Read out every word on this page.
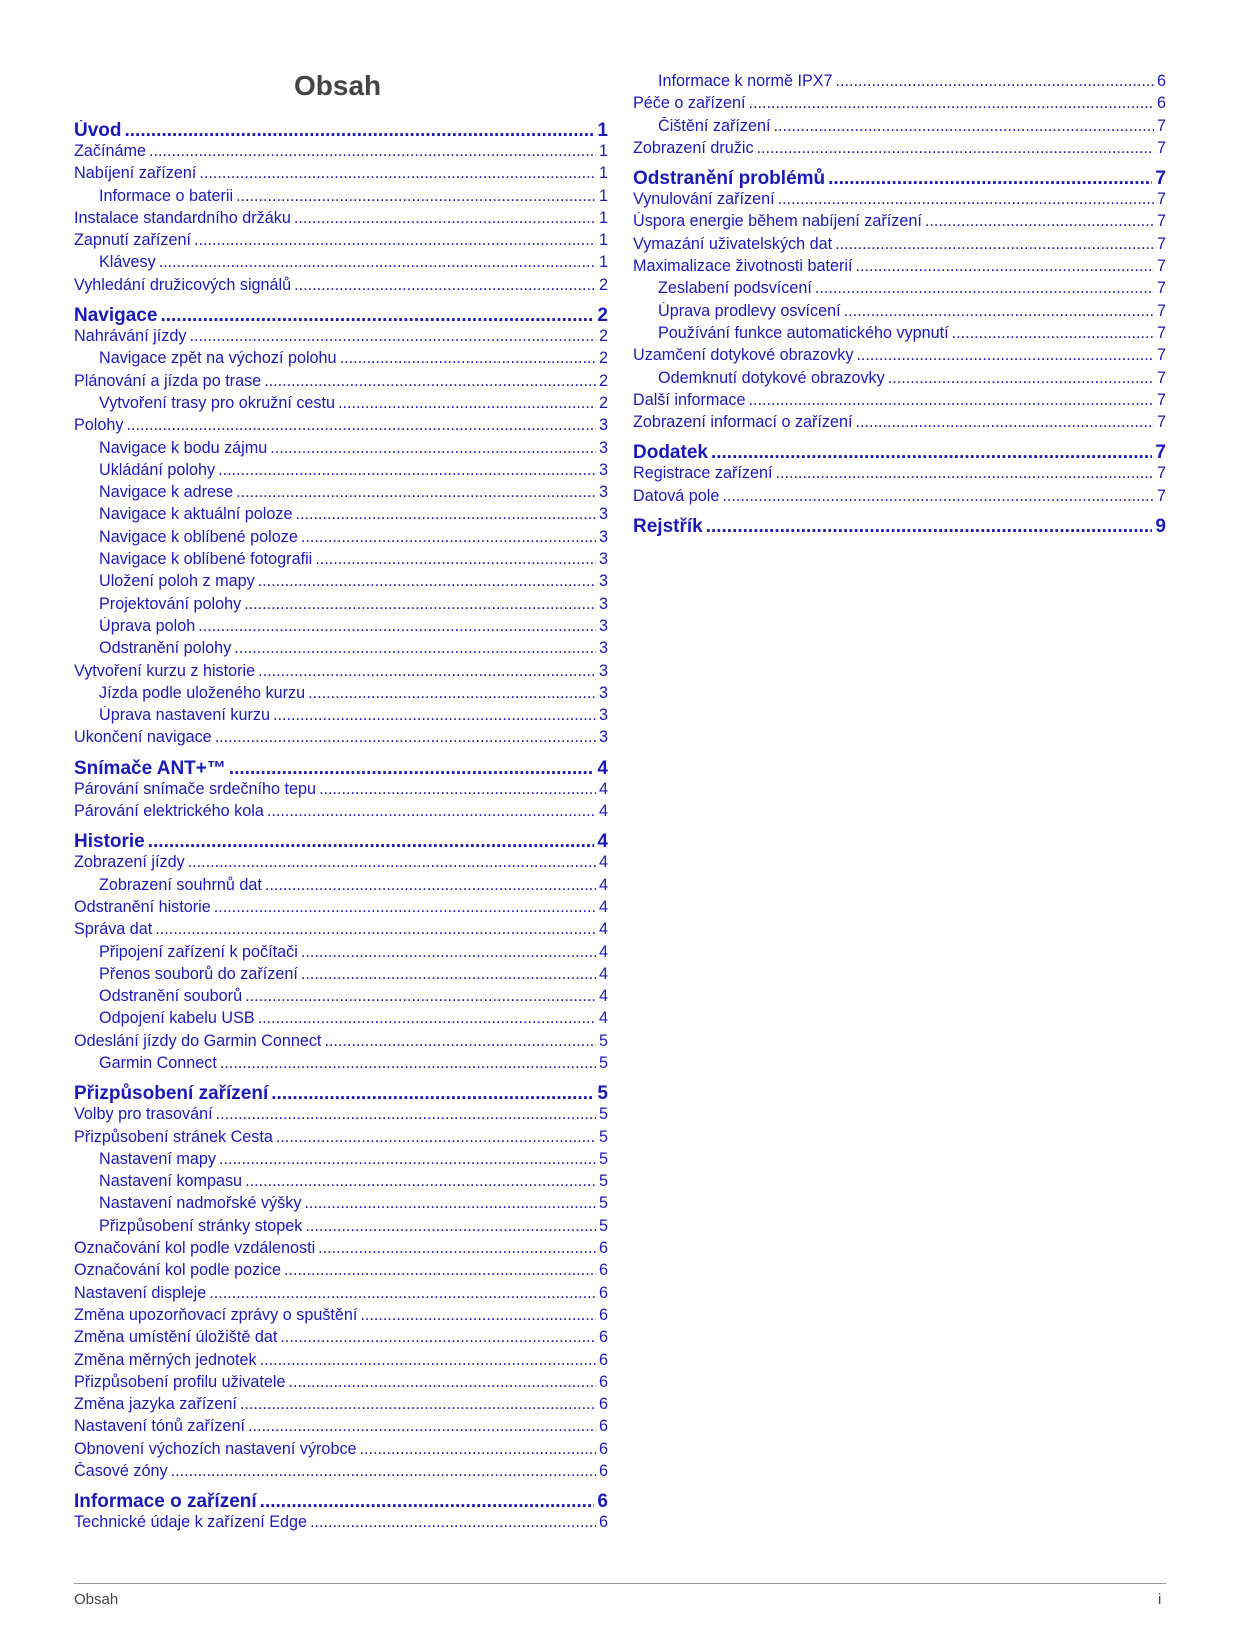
Obsah
Úvod .....	1
Začínáme .....	1
Nabíjení zařízení .....	1
Informace o baterii .....	1
Instalace standardního držáku .....	1
Zapnutí zařízení .....	1
Klávesy .....	1
Vyhledání družicových signálů .....	2
Navigace .....	2
Nahrávání jízdy .....	2
Navigace zpět na výchozí polohu .....	2
Plánování a jízda po trase .....	2
Vytvoření trasy pro okružní cestu .....	2
Polohy .....	3
Navigace k bodu zájmu .....	3
Ukládání polohy .....	3
Navigace k adrese .....	3
Navigace k aktuální poloze .....	3
Navigace k oblíbené poloze .....	3
Navigace k oblíbené fotografii .....	3
Uložení poloh z mapy .....	3
Projektování polohy .....	3
Úprava poloh .....	3
Odstranění polohy .....	3
Vytvoření kurzu z historie .....	3
Jízda podle uloženého kurzu .....	3
Úprava nastavení kurzu .....	3
Ukončení navigace .....	3
Snímače ANT+™ .....	4
Párování snímače srdečního tepu .....	4
Párování elektrického kola .....	4
Historie .....	4
Zobrazení jízdy .....	4
Zobrazení souhrnů dat .....	4
Odstranění historie .....	4
Správa dat .....	4
Připojení zařízení k počítači .....	4
Přenos souborů do zařízení .....	4
Odstranění souborů .....	4
Odpojení kabelu USB .....	4
Odeslání jízdy do Garmin Connect .....	5
Garmin Connect .....	5
Přizpůsobení zařízení .....	5
Volby pro trasování .....	5
Přizpůsobení stránek Cesta .....	5
Nastavení mapy .....	5
Nastavení kompasu .....	5
Nastavení nadmořské výšky .....	5
Přizpůsobení stránky stopek .....	5
Označování kol podle vzdálenosti .....	6
Označování kol podle pozice .....	6
Nastavení displeje .....	6
Změna upozorňovací zprávy o spuštění .....	6
Změna umístění úložiště dat .....	6
Změna měrných jednotek .....	6
Přizpůsobení profilu uživatele .....	6
Změna jazyka zařízení .....	6
Nastavení tónů zařízení .....	6
Obnovení výchozích nastavení výrobce .....	6
Časové zóny .....	6
Informace o zařízení .....	6
Technické údaje k zařízení Edge .....	6
Informace k normě IPX7 .....	6
Péče o zařízení .....	6
Čištění zařízení .....	7
Zobrazení družic .....	7
Odstranění problémů .....	7
Vynulování zařízení .....	7
Úspora energie během nabíjení zařízení .....	7
Vymazání uživatelských dat .....	7
Maximalizace životnosti baterií .....	7
Zeslabení podsvícení .....	7
Úprava prodlevy osvícení .....	7
Používání funkce automatického vypnutí .....	7
Uzamčení dotykové obrazovky .....	7
Odemknutí dotykové obrazovky .....	7
Další informace .....	7
Zobrazení informací o zařízení .....	7
Dodatek .....	7
Registrace zařízení .....	7
Datová pole .....	7
Rejstřík .....	9
Obsah	i
